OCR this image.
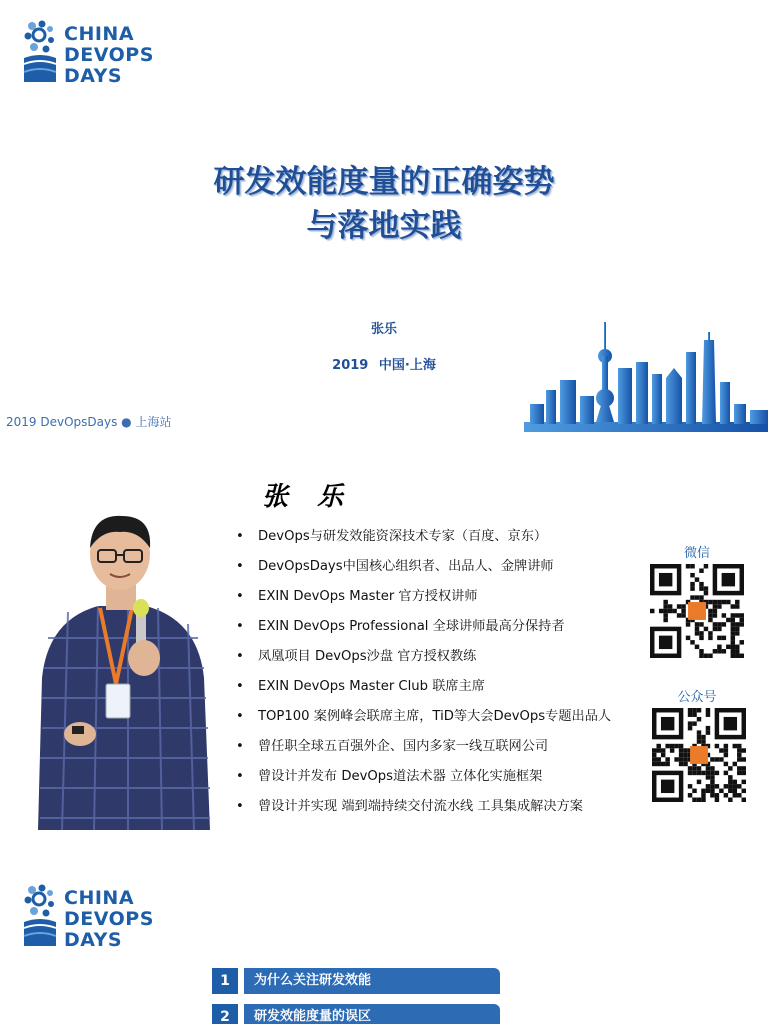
CHINA
DEVOPS
DAYS
研发效能度量的正确姿势
与落地实践
张乐
2019 中国·上海
2019 DevOpsDays ● 上海站
张 乐
• DevOps与研发效能资深技术专家（百度、京东）
• DevOpsDays中国核心组织者、出品人、金牌讲师
• EXIN DevOps Master 官方授权讲师
• EXIN DevOps Professional 全球讲师最高分保持者
• 凤凰项目 DevOps沙盘 官方授权教练
• EXIN DevOps Master Club 联席主席
• TOP100 案例峰会联席主席，TiD等大会DevOps专题出品人
• 曾任职全球五百强外企、国内多家一线互联网公司
• 曾设计并发布 DevOps道法术器 立体化实施框架
• 曾设计并实现 端到端持续交付流水线 工具集成解决方案
微信
公众号
CHINA
DEVOPS
DAYS
1	为什么关注研发效能
2	研发效能度量的误区
